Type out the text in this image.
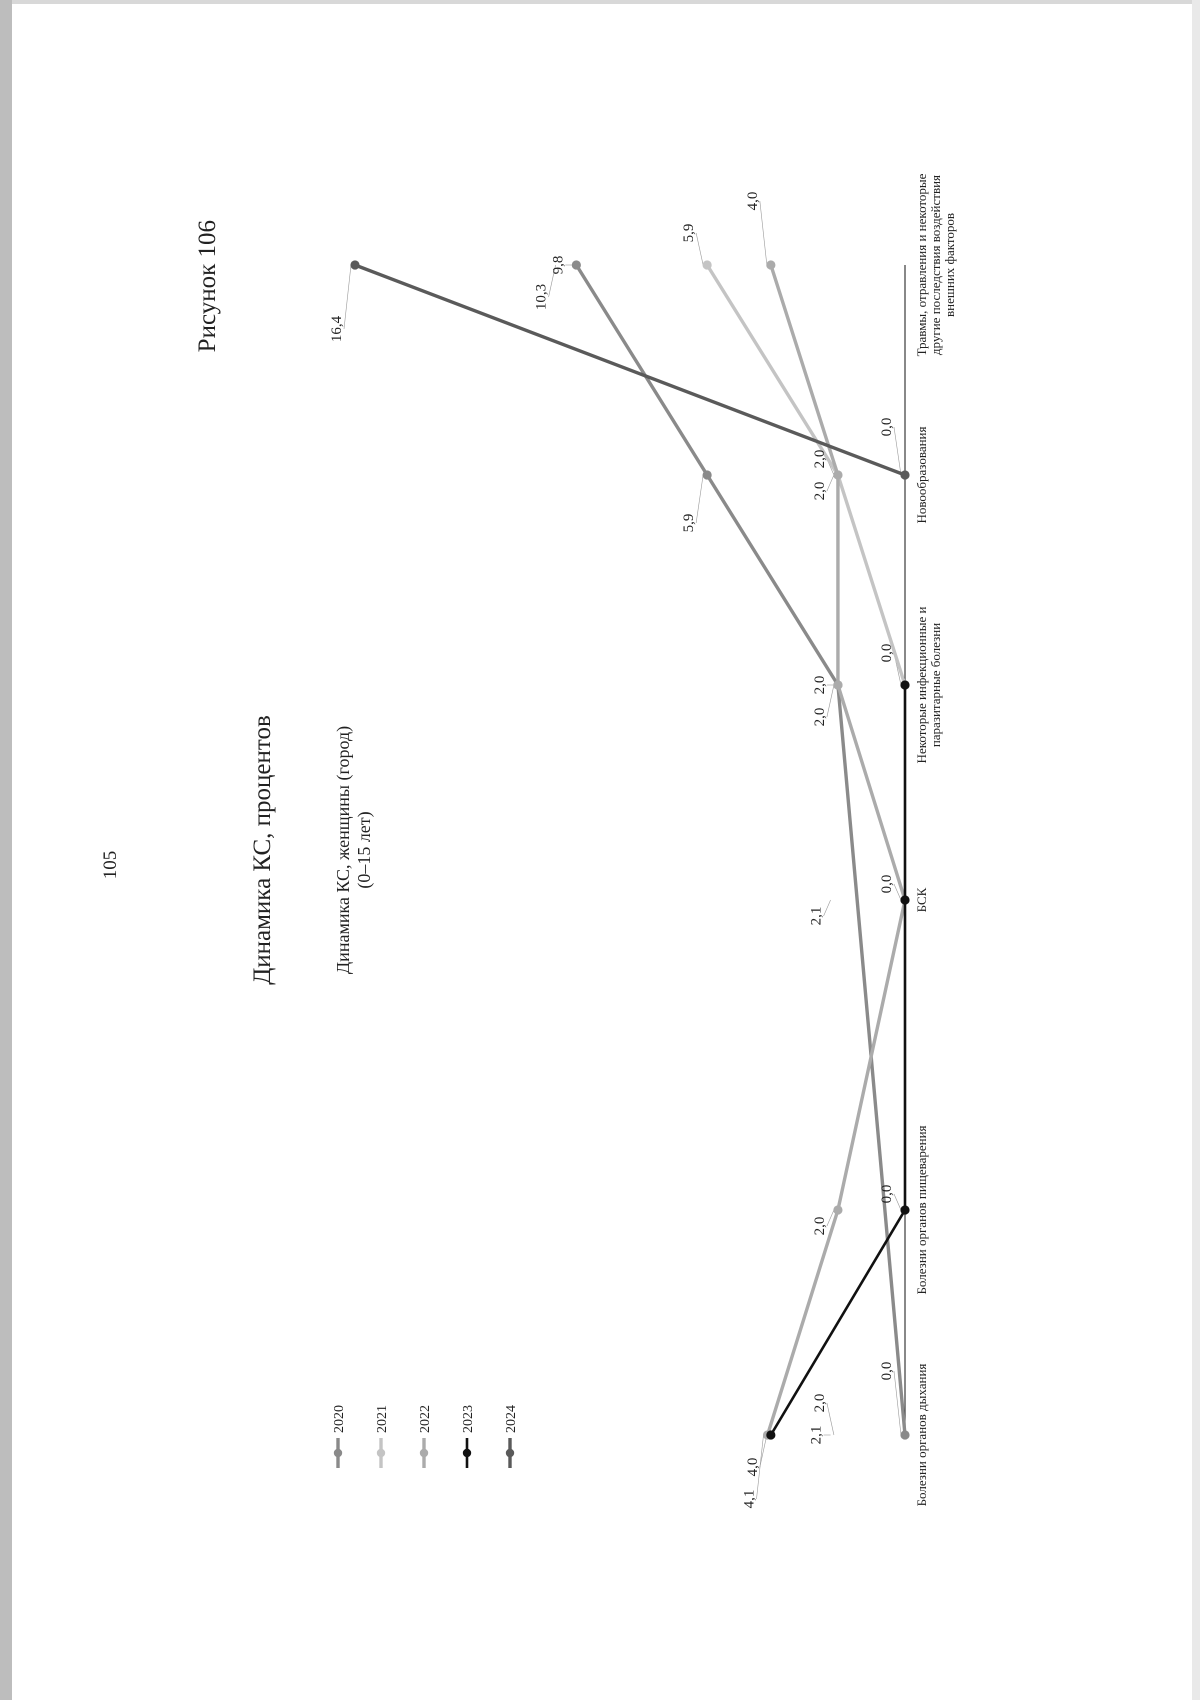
105
Рисунок 106
Динамика КС, процентов	Динамика КС, женщины (город) (0–15 лет)
2020 2021 2022 2023 2024
4,1
4,0
2,1
2,0
0,0
2,0
0,0
2,1
0,0
2,0
2,0
0,0
5,9
2,0
2,0
0,0
16,4
10,3
9,8
5,9
4,0
Болезни органов дыхания
Болезни органов пищеварения
БСК
Некоторые инфекционные и паразитарные болезни
Новообразования
Травмы, отравления и некоторые другие последствия воздействия внешних факторов
